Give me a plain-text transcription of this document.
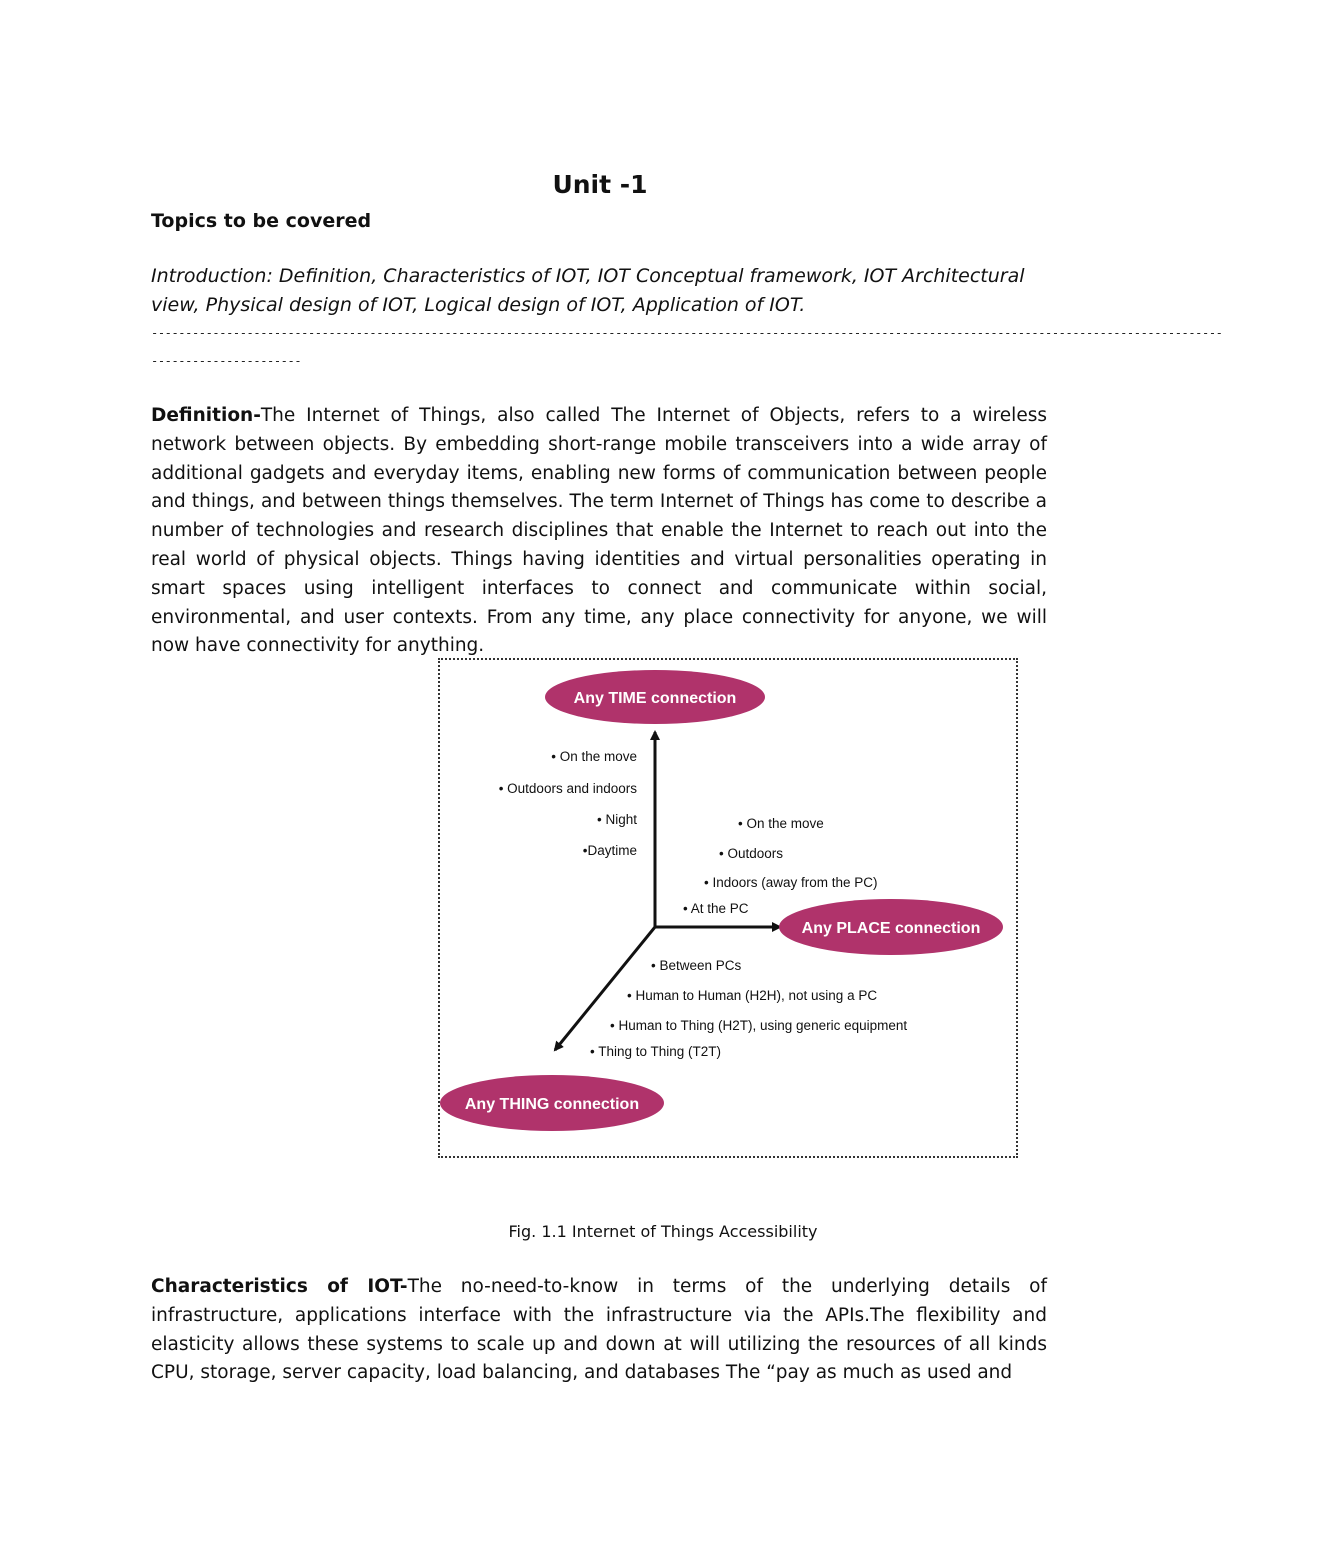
Unit -1
Topics to be covered
Introduction: Definition, Characteristics of IOT, IOT Conceptual framework, IOT Architectural view, Physical design of IOT, Logical design of IOT, Application of IOT.
-------------------------------------------------------------------------------------------------------------------------------------------------------------
----------------------
Definition-The Internet of Things, also called The Internet of Objects, refers to a wireless network between objects. By embedding short-range mobile transceivers into a wide array of additional gadgets and everyday items, enabling new forms of communication between people and things, and between things themselves. The term Internet of Things has come to describe a number of technologies and research disciplines that enable the Internet to reach out into the real world of physical objects. Things having identities and virtual personalities operating in smart spaces using intelligent interfaces to connect and communicate within social, environmental, and user contexts. From any time, any place connectivity for anyone, we will now have connectivity for anything.
Any TIME connection
Any PLACE connection
Any THING connection
• On the move
• Outdoors and indoors
• Night
•Daytime
• On the move
• Outdoors
• Indoors (away from the PC)
• At the PC
• Between PCs
• Human to Human (H2H), not using a PC
• Human to Thing (H2T), using generic equipment
• Thing to Thing (T2T)
Fig. 1.1 Internet of Things Accessibility
Characteristics of IOT-The no-need-to-know in terms of the underlying details of infrastructure, applications interface with the infrastructure via the APIs.The flexibility and elasticity allows these systems to scale up and down at will utilizing the resources of all kinds CPU, storage, server capacity, load balancing, and databases The “pay as much as used and
